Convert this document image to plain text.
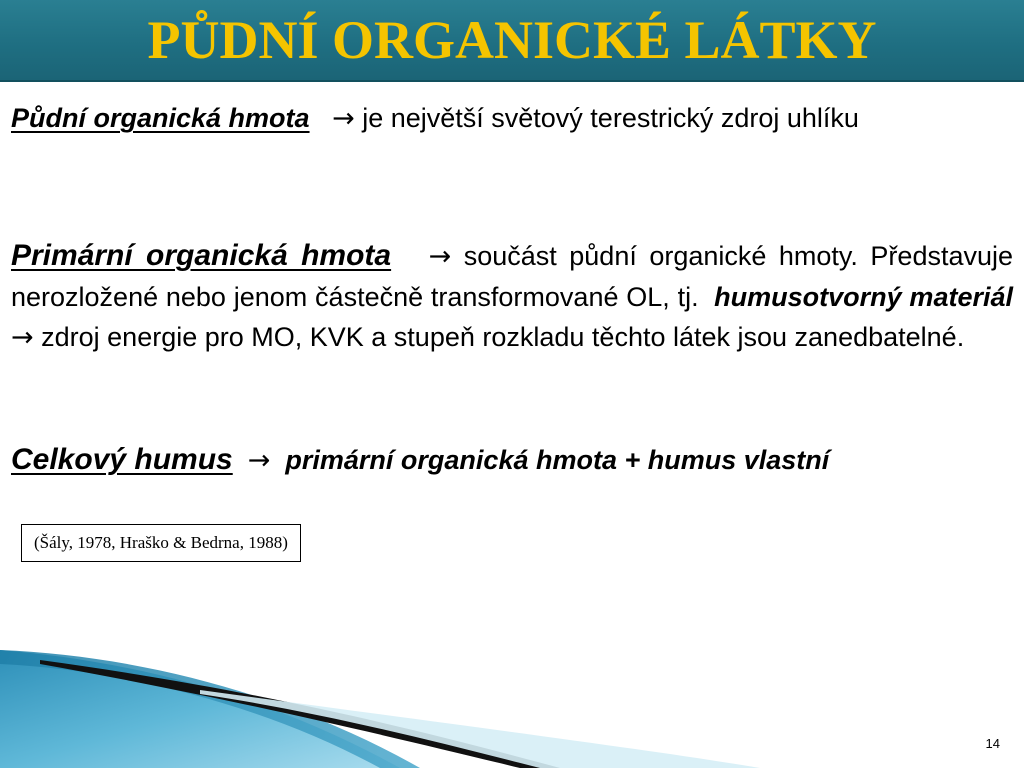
PŮDNÍ ORGANICKÉ LÁTKY
Půdní organická hmota → je největší světový terestrický zdroj uhlíku
Primární organická hmota → součást půdní organické hmoty. Představuje nerozložené nebo jenom částečně transformované OL, tj. humusotvorný materiál → zdroj energie pro MO, KVK a stupeň rozkladu těchto látek jsou zanedbatelné.
Celkový humus → primární organická hmota + humus vlastní
(Šály, 1978, Hraško & Bedrna, 1988)
14
